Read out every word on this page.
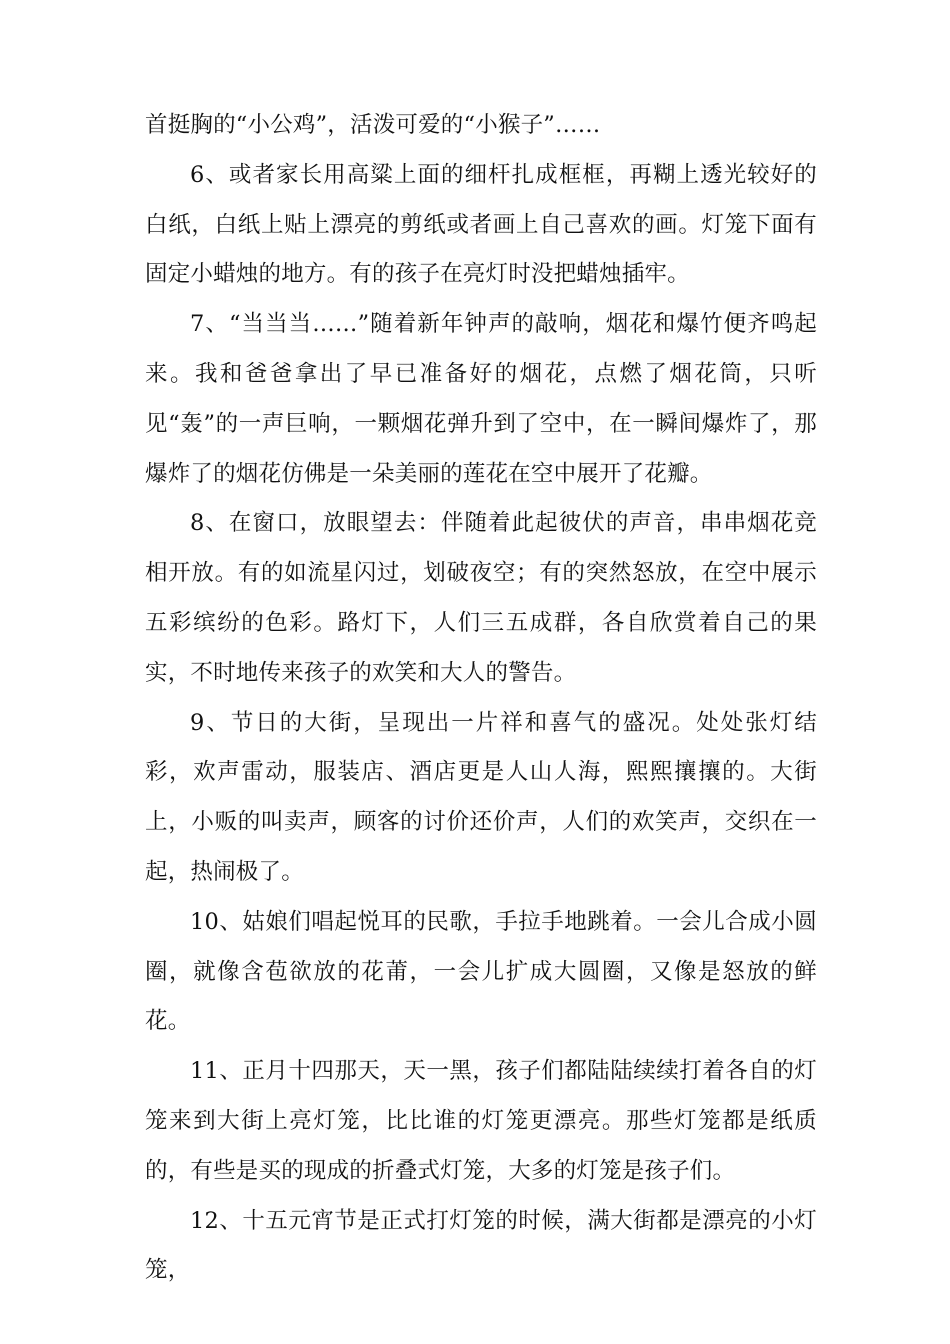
首挺胸的“小公鸡”，活泼可爱的“小猴子”……

6、或者家长用高粱上面的细杆扎成框框，再糊上透光较好的白纸，白纸上贴上漂亮的剪纸或者画上自己喜欢的画。灯笼下面有固定小蜡烛的地方。有的孩子在亮灯时没把蜡烛插牢。

7、“当当当……”随着新年钟声的敲响，烟花和爆竹便齐鸣起来。我和爸爸拿出了早已准备好的烟花，点燃了烟花筒，只听见“轰”的一声巨响，一颗烟花弹升到了空中，在一瞬间爆炸了，那爆炸了的烟花仿佛是一朵美丽的莲花在空中展开了花瓣。

8、在窗口，放眼望去：伴随着此起彼伏的声音，串串烟花竞相开放。有的如流星闪过，划破夜空；有的突然怒放，在空中展示五彩缤纷的色彩。路灯下，人们三五成群，各自欣赏着自己的果实，不时地传来孩子的欢笑和大人的警告。

9、节日的大街，呈现出一片祥和喜气的盛况。处处张灯结彩，欢声雷动，服装店、酒店更是人山人海，熙熙攘攘的。大街上，小贩的叫卖声，顾客的讨价还价声，人们的欢笑声，交织在一起，热闹极了。

10、姑娘们唱起悦耳的民歌，手拉手地跳着。一会儿合成小圆圈，就像含苞欲放的花莆，一会儿扩成大圆圈，又像是怒放的鲜花。

11、正月十四那天，天一黑，孩子们都陆陆续续打着各自的灯笼来到大街上亮灯笼，比比谁的灯笼更漂亮。那些灯笼都是纸质的，有些是买的现成的折叠式灯笼，大多的灯笼是孩子们。

12、十五元宵节是正式打灯笼的时候，满大街都是漂亮的小灯笼，
